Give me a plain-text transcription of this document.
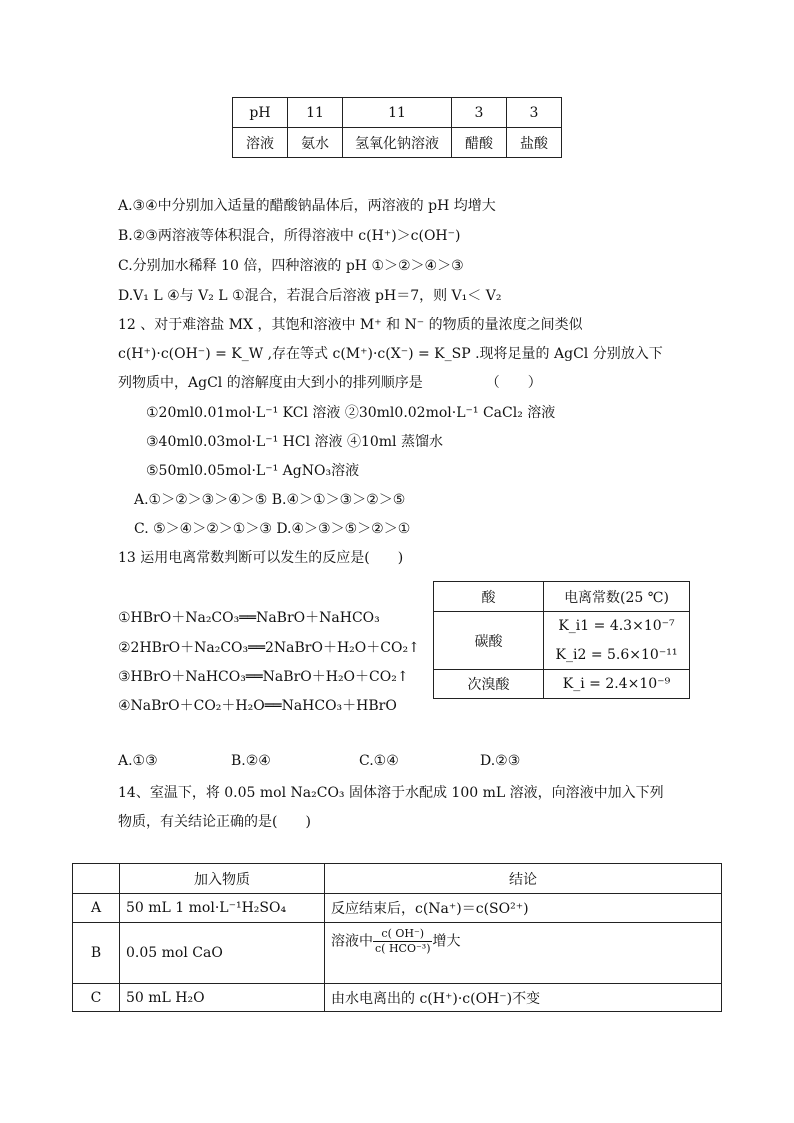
pH	11	11	3	3
溶液	氨水	氢氧化钠溶液	醋酸	盐酸
A.③④中分别加入适量的醋酸钠晶体后，两溶液的 pH 均增大
B.②③两溶液等体积混合，所得溶液中 c(H⁺)＞c(OH⁻)
C.分别加水稀释 10 倍，四种溶液的 pH ①＞②＞④＞③
D.V₁ L ④与 V₂ L ①混合，若混合后溶液 pH＝7，则 V₁＜ V₂
12 、对于难溶盐 MX ，其饱和溶液中 M⁺ 和 N⁻ 的物质的量浓度之间类似
c(H⁺)·c(OH⁻) = K_W ,存在等式 c(M⁺)·c(X⁻) = K_SP .现将足量的 AgCl 分别放入下
列物质中，AgCl 的溶解度由大到小的排列顺序是　　　　　（　　）
①20ml0.01mol·L⁻¹ KCl 溶液 ②30ml0.02mol·L⁻¹ CaCl₂ 溶液
③40ml0.03mol·L⁻¹ HCl 溶液 ④10ml 蒸馏水
⑤50ml0.05mol·L⁻¹ AgNO₃溶液
A.①＞②＞③＞④＞⑤ B.④＞①＞③＞②＞⑤
C. ⑤＞④＞②＞①＞③ D.④＞③＞⑤＞②＞①
13 运用电离常数判断可以发生的反应是(　　)
①HBrO＋Na₂CO₃══NaBrO＋NaHCO₃
②2HBrO＋Na₂CO₃══2NaBrO＋H₂O＋CO₂↑
③HBrO＋NaHCO₃══NaBrO＋H₂O＋CO₂↑
④NaBrO＋CO₂＋H₂O══NaHCO₃＋HBrO
酸	电离常数(25 ℃)
碳酸	K_i1 = 4.3×10⁻⁷
	K_i2 = 5.6×10⁻¹¹
次溴酸	K_i = 2.4×10⁻⁹
A.①③	B.②④	C.①④	D.②③
14、室温下，将 0.05 mol Na₂CO₃ 固体溶于水配成 100 mL 溶液，向溶液中加入下列
物质，有关结论正确的是(　　)
	加入物质	结论
A	50 mL 1 mol·L⁻¹H₂SO₄	反应结束后，c(Na⁺)＝c(SO²⁺)
B	0.05 mol CaO	溶液中 $\frac{c( OH^-)}{\text{c( HCO⁻³)}}$ 增大
C	50 mL H₂O	由水电离出的 c(H⁺)·c(OH⁻)不变
